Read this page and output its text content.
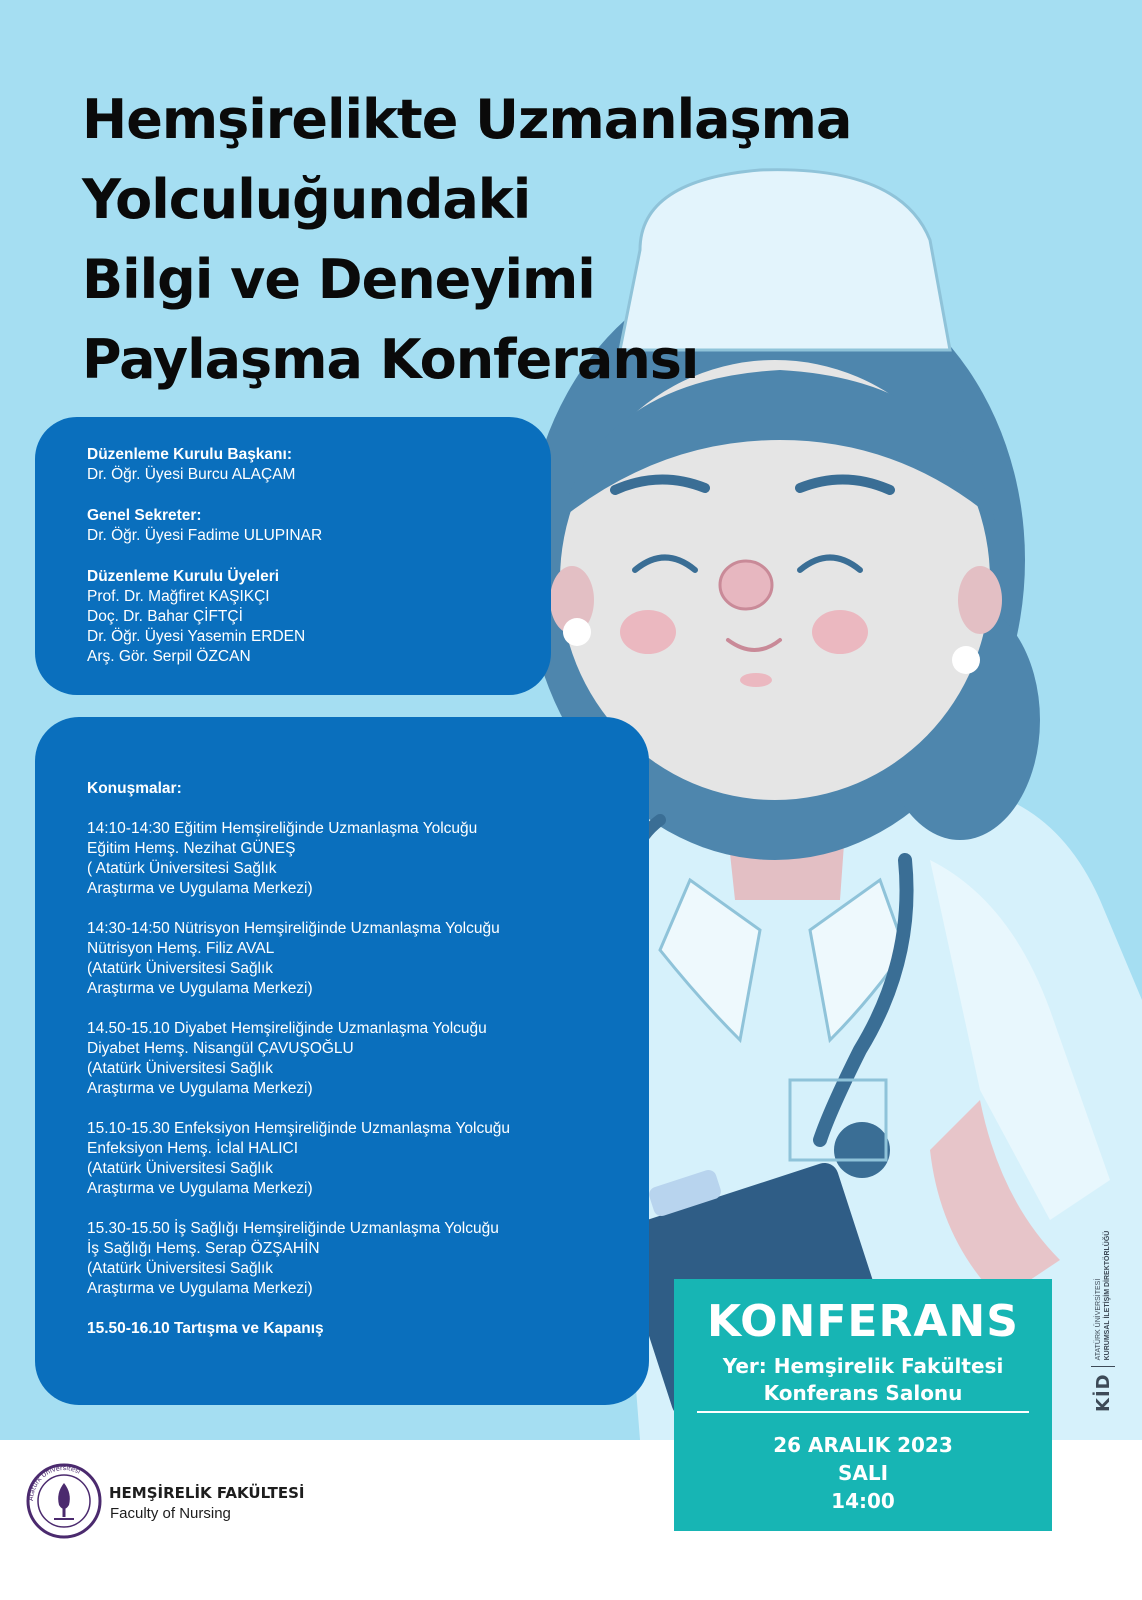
Hemşirelikte Uzmanlaşma
Yolculuğundaki
Bilgi ve Deneyimi
Paylaşma Konferansı
Düzenleme Kurulu Başkanı:
Dr. Öğr. Üyesi Burcu ALAÇAM
Genel Sekreter:
Dr. Öğr. Üyesi Fadime ULUPINAR
Düzenleme Kurulu Üyeleri
Prof. Dr. Mağfiret KAŞIKÇI
Doç. Dr. Bahar ÇİFTÇİ
Dr. Öğr. Üyesi Yasemin ERDEN
Arş. Gör. Serpil ÖZCAN
Konuşmalar:
14:10-14:30 Eğitim Hemşireliğinde Uzmanlaşma Yolcuğu
Eğitim Hemş. Nezihat GÜNEŞ
( Atatürk Üniversitesi Sağlık
Araştırma ve Uygulama Merkezi)
14:30-14:50 Nütrisyon Hemşireliğinde Uzmanlaşma Yolcuğu
Nütrisyon Hemş. Filiz AVAL
(Atatürk Üniversitesi Sağlık
Araştırma ve Uygulama Merkezi)
14.50-15.10 Diyabet Hemşireliğinde Uzmanlaşma Yolcuğu
Diyabet Hemş. Nisangül ÇAVUŞOĞLU
(Atatürk Üniversitesi Sağlık
Araştırma ve Uygulama Merkezi)
15.10-15.30 Enfeksiyon Hemşireliğinde Uzmanlaşma Yolcuğu
Enfeksiyon Hemş. İclal HALICI
(Atatürk Üniversitesi Sağlık
Araştırma ve Uygulama Merkezi)
15.30-15.50 İş Sağlığı Hemşireliğinde Uzmanlaşma Yolcuğu
İş Sağlığı Hemş. Serap ÖZŞAHİN
(Atatürk Üniversitesi Sağlık
Araştırma ve Uygulama Merkezi)
15.50-16.10 Tartışma ve Kapanış	KONFERANS
Yer: Hemşirelik Fakültesi
Konferans Salonu
26 ARALIK 2023
SALI
14:00
KİD
ATATÜRK ÜNİVERSİTESİ KURUMSAL İLETİŞİM DİREKTÖRLÜĞÜ
Atatürk Üniversitesi
HEMŞİRELİK FAKÜLTESİ
Faculty of Nursing
